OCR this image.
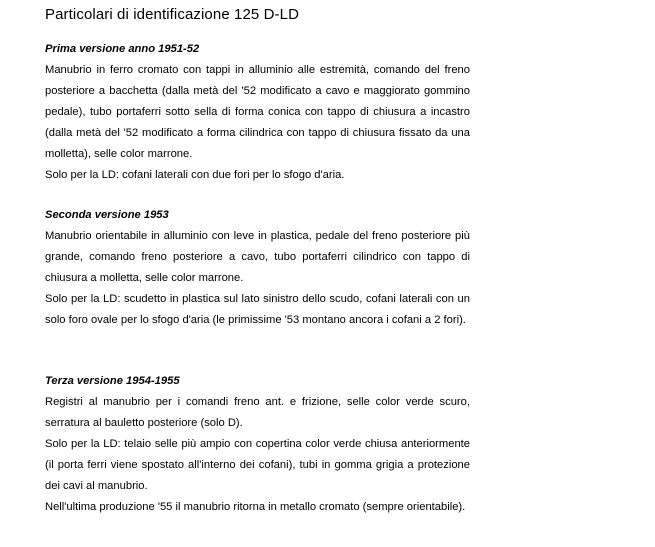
Particolari di identificazione 125 D-LD

Prima versione anno 1951-52

Manubrio in ferro cromato con tappi in alluminio alle estremità, comando del freno posteriore a bacchetta (dalla metà del '52 modificato a cavo e maggiorato gommino pedale), tubo portaferri sotto sella di forma conica con tappo di chiusura a incastro (dalla metà del '52 modificato a forma cilindrica con tappo di chiusura fissato da una molletta), selle color marrone.

Solo per la LD: cofani laterali con due fori per lo sfogo d'aria.

Seconda versione 1953

Manubrio orientabile in alluminio con leve in plastica, pedale del freno posteriore più grande, comando freno posteriore a cavo, tubo portaferri cilindrico con tappo di chiusura a molletta, selle color marrone.

Solo per la LD: scudetto in plastica sul lato sinistro dello scudo, cofani laterali con un solo foro ovale per lo sfogo d'aria (le primissime '53 montano ancora i cofani a 2 fori).

Terza versione 1954-1955

Registri al manubrio per i comandi freno ant. e frizione, selle color verde scuro, serratura al bauletto posteriore (solo D).

Solo per la LD: telaio selle più ampio con copertina color verde chiusa anteriormente (il porta ferri viene spostato all'interno dei cofani), tubi in gomma grigia a protezione dei cavi al manubrio.

Nell'ultima produzione '55 il manubrio ritorna in metallo cromato (sempre orientabile).
